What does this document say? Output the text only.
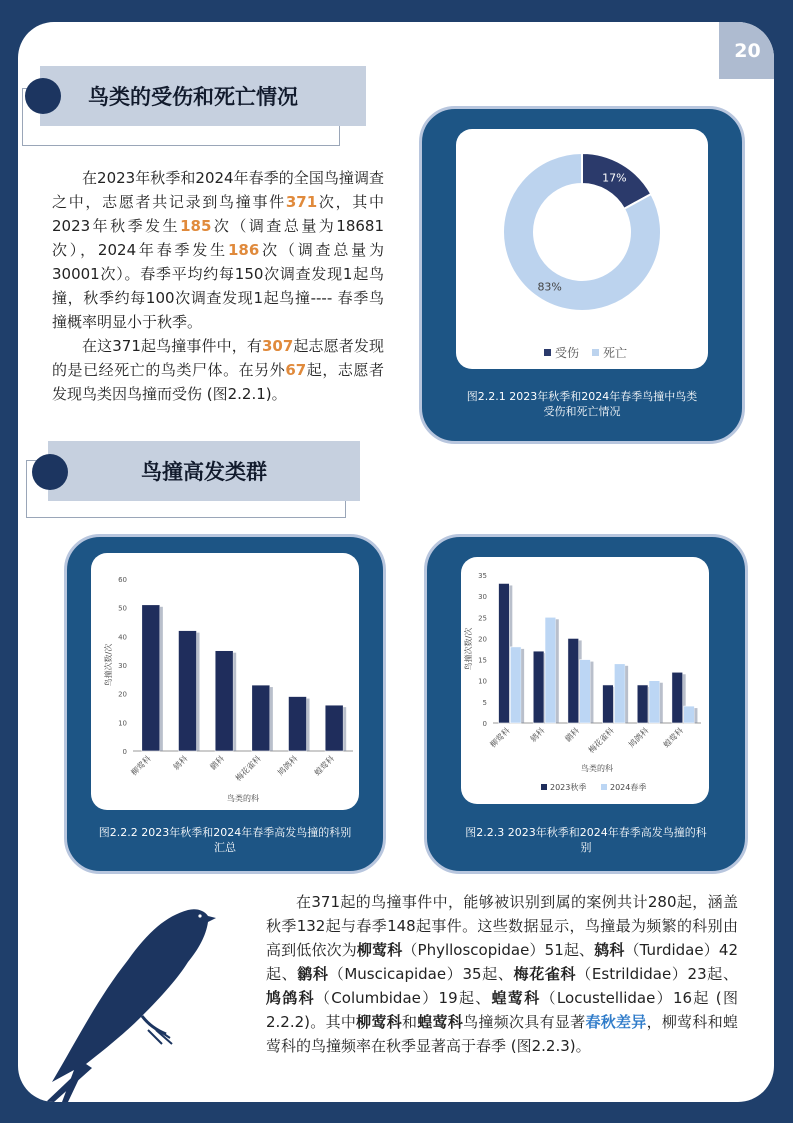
20
鸟类的受伤和死亡情况

在2023年秋季和2024年春季的全国鸟撞调查之中，志愿者共记录到鸟撞事件371次，其中2023年秋季发生185次（调查总量为18681次），2024年春季发生186次（调查总量为30001次）。春季平均约每150次调查发现1起鸟撞，秋季约每100次调查发现1起鸟撞---- 春季鸟撞概率明显小于秋季。

在这371起鸟撞事件中，有307起志愿者发现的是已经死亡的鸟类尸体。在另外67起，志愿者发现鸟类因鸟撞而受伤 (图2.2.1)。

17%
83%
受伤 死亡
图2.2.1 2023年秋季和2024年春季鸟撞中鸟类受伤和死亡情况
鸟撞高发类群
0
10
20
30
40
50
60
柳莺科 鸫科 鹟科 梅花雀科 鸠鸽科 蝗莺科
鸟类的科
鸟撞次数/次
图2.2.2 2023年秋季和2024年春季高发鸟撞的科别汇总
0
5
10
15
20
25
30
35
柳莺科 鸫科 鹟科 梅花雀科 鸠鸽科 蝗莺科
鸟类的科
鸟撞次数/次
2023秋季	2024春季
图2.2.3 2023年秋季和2024年春季高发鸟撞的科别

在371起的鸟撞事件中，能够被识别到属的案例共计280起，涵盖秋季132起与春季148起事件。这些数据显示，鸟撞最为频繁的科别由高到低依次为柳莺科（Phylloscopidae）51起、鸫科（Turdidae）42起、鹟科（Muscicapidae）35起、梅花雀科（Estrildidae）23起、鸠鸽科（Columbidae）19起、蝗莺科（Locustellidae）16起 (图2.2.2)。其中柳莺科和蝗莺科鸟撞频次具有显著春秋差异，柳莺科和蝗莺科的鸟撞频率在秋季显著高于春季 (图2.2.3)。
